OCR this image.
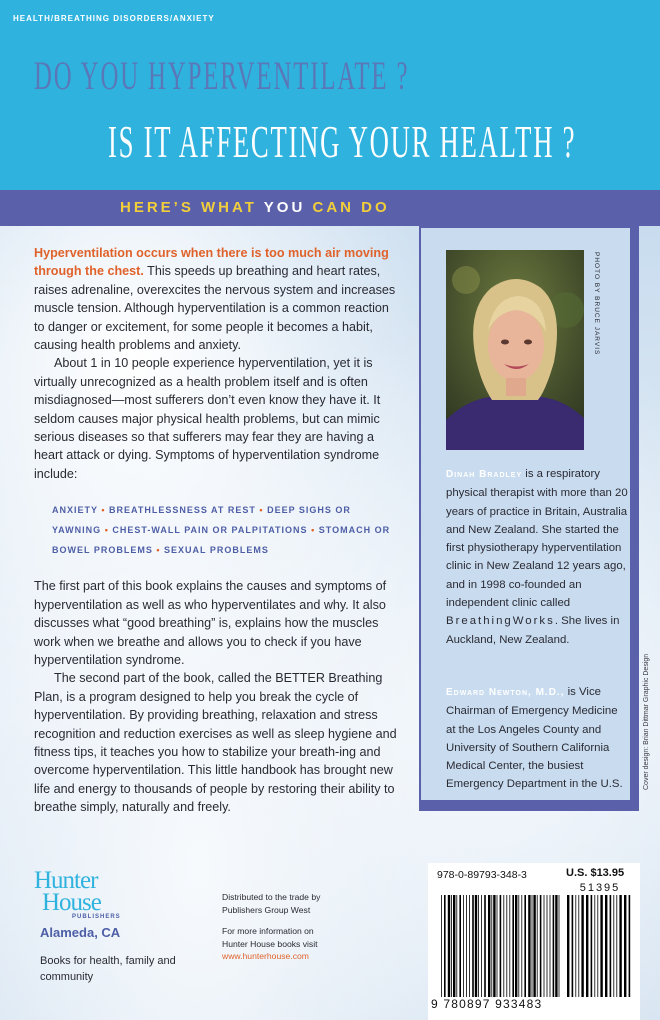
HEALTH/BREATHING DISORDERS/ANXIETY
DO YOU HYPERVENTILATE ?
IS IT AFFECTING YOUR HEALTH ?
HERE’S WHAT YOU CAN DO

Hyperventilation occurs when there is too much air moving through the chest. This speeds up breathing and heart rates, raises adrenaline, overexcites the nervous system and increases muscle tension. Although hyperventilation is a common reaction to danger or excitement, for some people it becomes a habit, causing health problems and anxiety.

About 1 in 10 people experience hyperventilation, yet it is virtually unrecognized as a health problem itself and is often misdiagnosed—most sufferers don’t even know they have it. It seldom causes major physical health problems, but can mimic serious diseases so that sufferers may fear they are having a heart attack or dying. Symptoms of hyperventilation syndrome include:

ANXIETY • BREATHLESSNESS AT REST • DEEP SIGHS OR YAWNING • CHEST-WALL PAIN OR PALPITATIONS • STOMACH OR BOWEL PROBLEMS • SEXUAL PROBLEMS

The first part of this book explains the causes and symptoms of hyperventilation as well as who hyperventilates and why. It also discusses what “good breathing” is, explains how the muscles work when we breathe and allows you to check if you have hyperventilation syndrome.

The second part of the book, called the BETTER Breathing Plan, is a program designed to help you break the cycle of hyperventilation. By providing breathing, relaxation and stress recognition and reduction exercises as well as sleep hygiene and fitness tips, it teaches you how to stabilize your breath-ing and overcome hyperventilation. This little handbook has brought new life and energy to thousands of people by restoring their ability to breathe simply, naturally and freely.

PHOTO BY BRUCE JARVIS
Dinah Bradley is a respiratory physical therapist with more than 20 years of practice in Britain, Australia and New Zealand. She started the first physiotherapy hyperventilation clinic in New Zealand 12 years ago, and in 1998 co-founded an independent clinic called BreathingWorks. She lives in Auckland, New Zealand.
Edward Newton, M.D., is Vice Chairman of Emergency Medicine at the Los Angeles County and University of Southern California Medical Center, the busiest Emergency Department in the U.S.	Cover design: Brian Dittmar Graphic Design
Hunter
House
PUBLISHERS
Alameda, CA
Books for health, family and community
Distributed to the trade by
Publishers Group West
For more information on
Hunter House books visit
www.hunterhouse.com
978-0-89793-348-3	U.S. $13.95
51395
9 780897 933483
